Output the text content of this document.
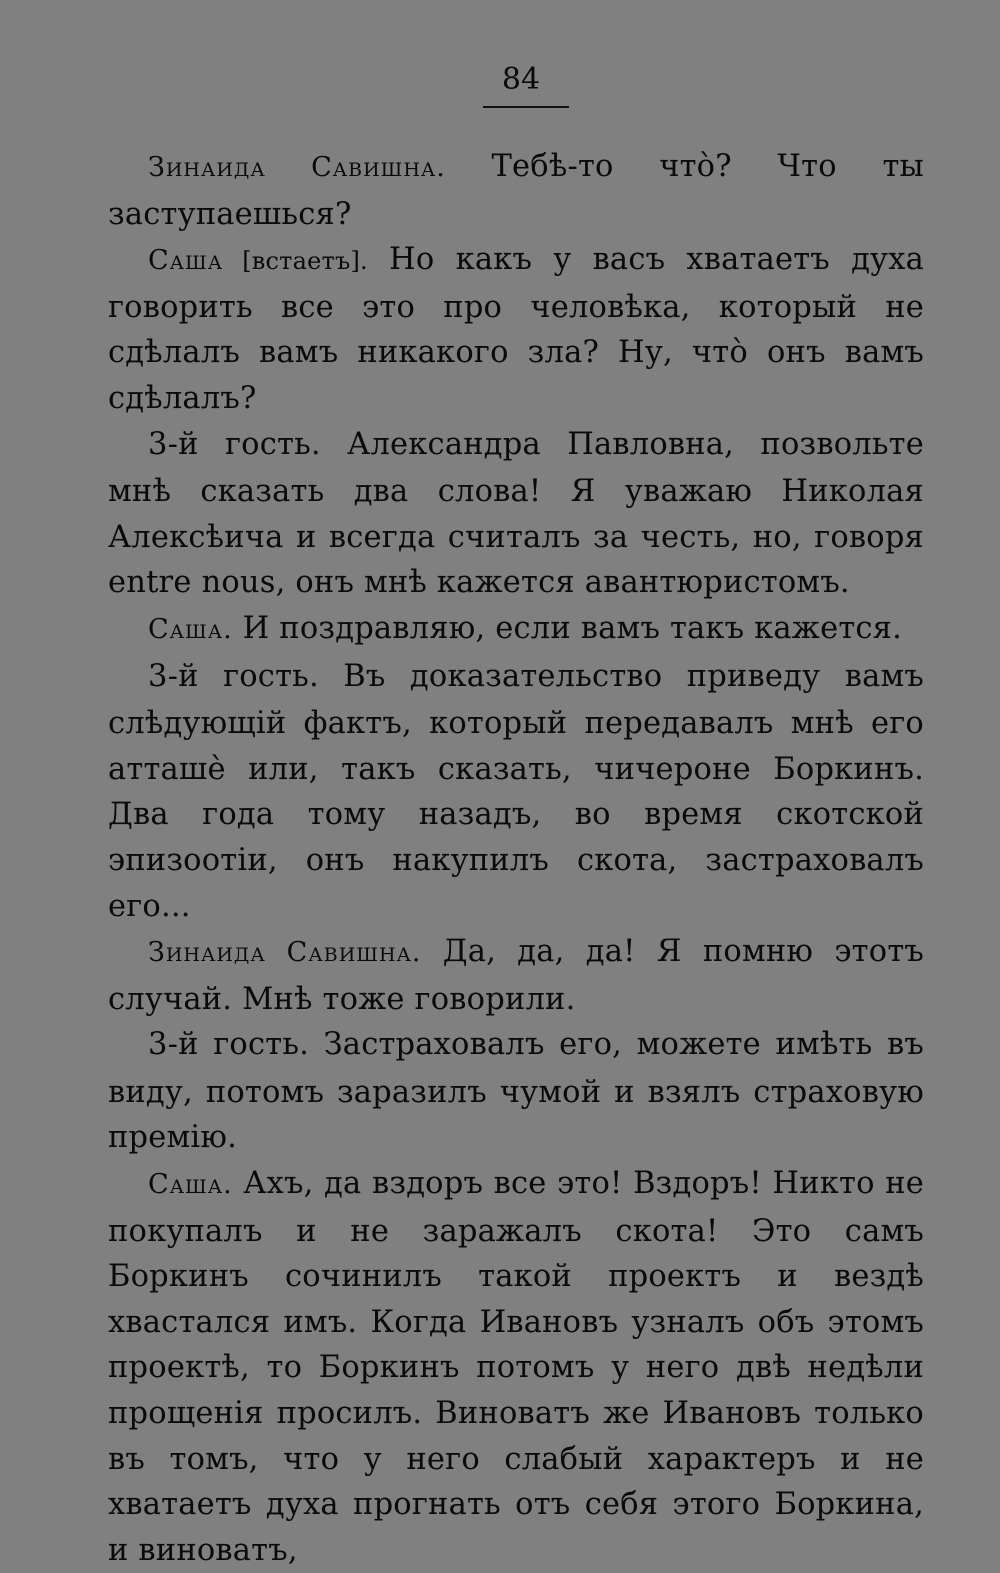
84

Зинаида Савишна. Тебѣ-то что̀? Что ты заступаешься?

Саша [встаетъ]. Но какъ у васъ хватаетъ духа говорить все это про человѣка, который не сдѣлалъ вамъ никакого зла? Ну, что̀ онъ вамъ сдѣлалъ?

3-й гость. Александра Павловна, позвольте мнѣ сказать два слова! Я уважаю Николая Алексѣича и всегда считалъ за честь, но, говоря entre nous, онъ мнѣ кажется авантюристомъ.

Саша. И поздравляю, если вамъ такъ кажется.

3-й гость. Въ доказательство приведу вамъ слѣдующій фактъ, который передавалъ мнѣ его атташѐ или, такъ сказать, чичероне Боркинъ. Два года тому назадъ, во время скотской эпизоотіи, онъ накупилъ скота, застраховалъ его...

Зинаида Савишна. Да, да, да! Я помню этотъ случай. Мнѣ тоже говорили.

3-й гость. Застраховалъ его, можете имѣть въ виду, потомъ заразилъ чумой и взялъ страховую премію.

Саша. Ахъ, да вздоръ все это! Вздоръ! Никто не покупалъ и не заражалъ скота! Это самъ Боркинъ сочинилъ такой проектъ и вездѣ хвастался имъ. Когда Ивановъ узналъ объ этомъ проектѣ, то Боркинъ потомъ у него двѣ недѣли прощенія просилъ. Виноватъ же Ивановъ только въ томъ, что у него слабый характеръ и не хватаетъ духа прогнать отъ себя этого Боркина, и виноватъ,
